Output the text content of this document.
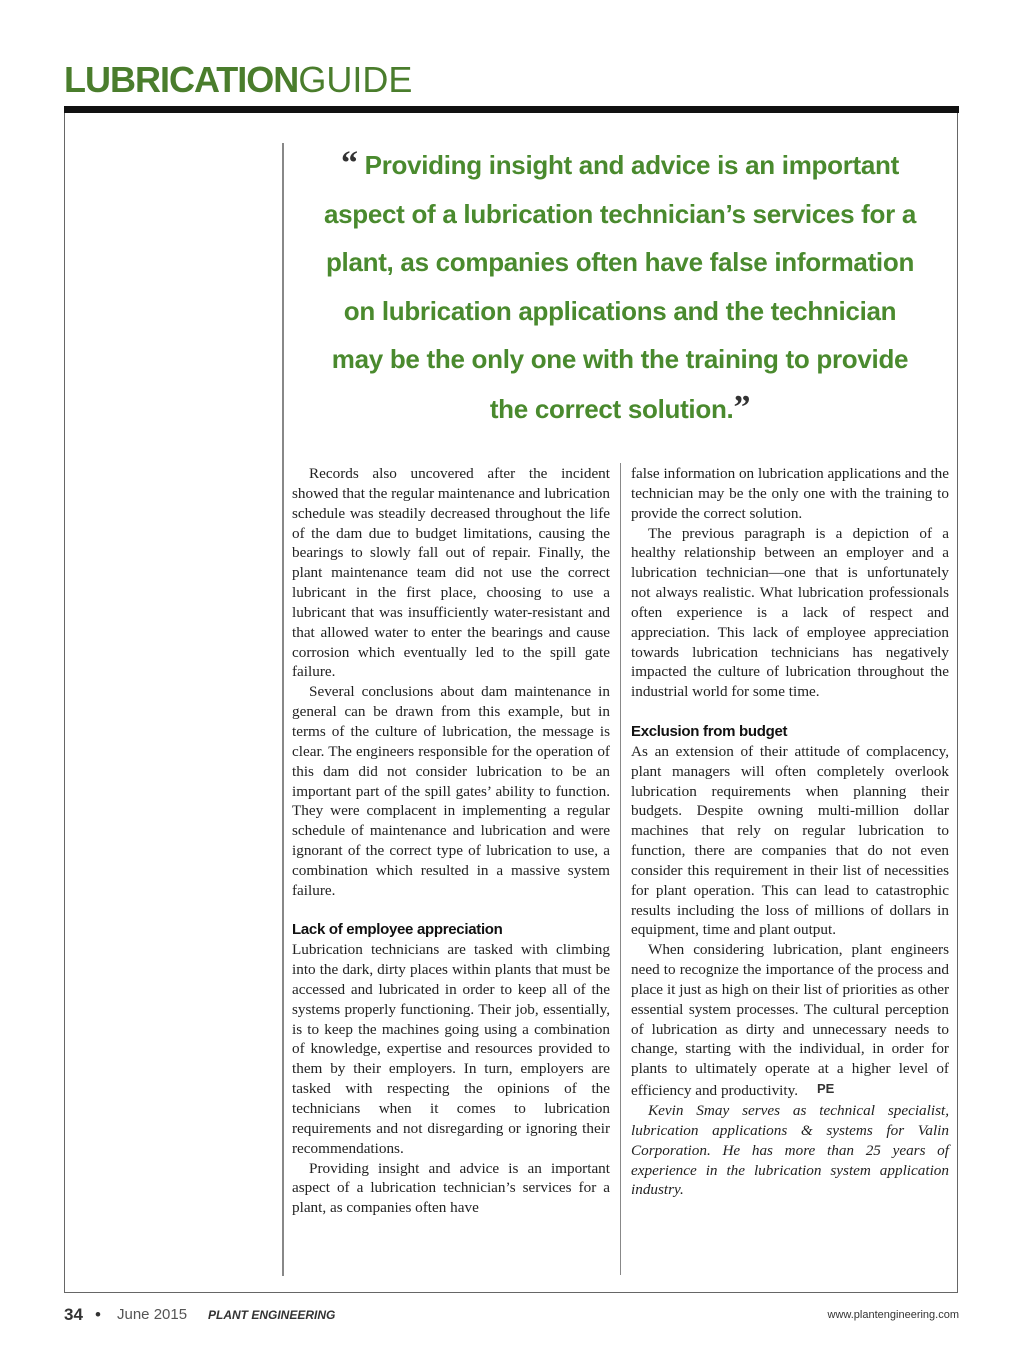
LUBRICATIONGUIDE
“ Providing insight and advice is an important aspect of a lubrication technician’s services for a plant, as companies often have false information on lubrication applications and the technician may be the only one with the training to provide the correct solution.”

Records also uncovered after the incident showed that the regular maintenance and lubrication schedule was steadily decreased throughout the life of the dam due to budget limitations, causing the bearings to slowly fall out of repair. Finally, the plant maintenance team did not use the correct lubricant in the first place, choosing to use a lubricant that was insufficiently water-resistant and that allowed water to enter the bearings and cause corrosion which eventually led to the spill gate failure.

Several conclusions about dam maintenance in general can be drawn from this example, but in terms of the culture of lubrication, the message is clear. The engineers responsible for the operation of this dam did not consider lubrication to be an important part of the spill gates’ ability to function. They were complacent in implementing a regular schedule of maintenance and lubrication and were ignorant of the correct type of lubrication to use, a combination which resulted in a massive system failure.

Lack of employee appreciation

Lubrication technicians are tasked with climbing into the dark, dirty places within plants that must be accessed and lubricated in order to keep all of the systems properly functioning. Their job, essentially, is to keep the machines going using a combination of knowledge, expertise and resources provided to them by their employers. In turn, employers are tasked with respecting the opinions of the technicians when it comes to lubrication requirements and not disregarding or ignoring their recommendations.

Providing insight and advice is an important aspect of a lubrication technician’s services for a plant, as companies often have

false information on lubrication applications and the technician may be the only one with the training to provide the correct solution.

The previous paragraph is a depiction of a healthy relationship between an employer and a lubrication technician—one that is unfortunately not always realistic. What lubrication professionals often experience is a lack of respect and appreciation. This lack of employee appreciation towards lubrication technicians has negatively impacted the culture of lubrication throughout the industrial world for some time.

Exclusion from budget

As an extension of their attitude of complacency, plant managers will often completely overlook lubrication requirements when planning their budgets. Despite owning multi-million dollar machines that rely on regular lubrication to function, there are companies that do not even consider this requirement in their list of necessities for plant operation. This can lead to catastrophic results including the loss of millions of dollars in equipment, time and plant output.

When considering lubrication, plant engineers need to recognize the importance of the process and place it just as high on their list of priorities as other essential system processes. The cultural perception of lubrication as dirty and unnecessary needs to change, starting with the individual, in order for plants to ultimately operate at a higher level of efficiency and productivity. PE

Kevin Smay serves as technical specialist, lubrication applications & systems for Valin Corporation. He has more than 25 years of experience in the lubrication system application industry.

34 • June 2015 PLANT ENGINEERING	www.plantengineering.com
